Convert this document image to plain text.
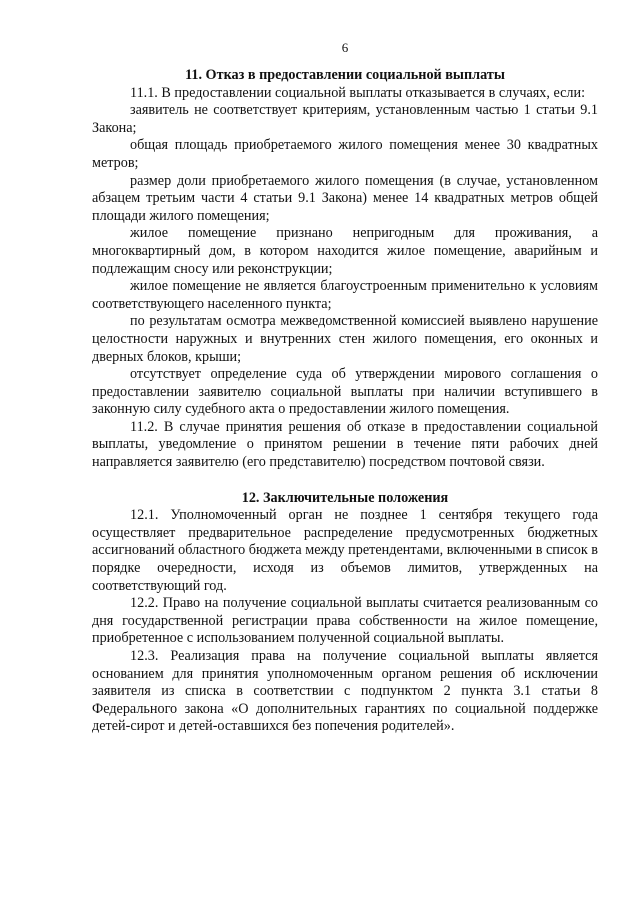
6

11. Отказ в предоставлении социальной выплаты

11.1. В предоставлении социальной выплаты отказывается в случаях, если:

заявитель не соответствует критериям, установленным частью 1 статьи 9.1 Закона;

общая площадь приобретаемого жилого помещения менее 30 квадратных метров;

размер доли приобретаемого жилого помещения (в случае, установленном абзацем третьим части 4 статьи 9.1 Закона) менее 14 квадратных метров общей площади жилого помещения;

жилое помещение признано непригодным для проживания, а многоквартирный дом, в котором находится жилое помещение, аварийным и подлежащим сносу или реконструкции;

жилое помещение не является благоустроенным применительно к условиям соответствующего населенного пункта;

по результатам осмотра межведомственной комиссией выявлено нарушение целостности наружных и внутренних стен жилого помещения, его оконных и дверных блоков, крыши;

отсутствует определение суда об утверждении мирового соглашения о предоставлении заявителю социальной выплаты при наличии вступившего в законную силу судебного акта о предоставлении жилого помещения.

11.2. В случае принятия решения об отказе в предоставлении социальной выплаты, уведомление о принятом решении в течение пяти рабочих дней направляется заявителю (его представителю) посредством почтовой связи.

12. Заключительные положения

12.1. Уполномоченный орган не позднее 1 сентября текущего года осуществляет предварительное распределение предусмотренных бюджетных ассигнований областного бюджета между претендентами, включенными в список в порядке очередности, исходя из объемов лимитов, утвержденных на соответствующий год.

12.2. Право на получение социальной выплаты считается реализованным со дня государственной регистрации права собственности на жилое помещение, приобретенное с использованием полученной социальной выплаты.

12.3. Реализация права на получение социальной выплаты является основанием для принятия уполномоченным органом решения об исключении заявителя из списка в соответствии с подпунктом 2 пункта 3.1 статьи 8 Федерального закона «О дополнительных гарантиях по социальной поддержке детей-сирот и детей-оставшихся без попечения родителей».
